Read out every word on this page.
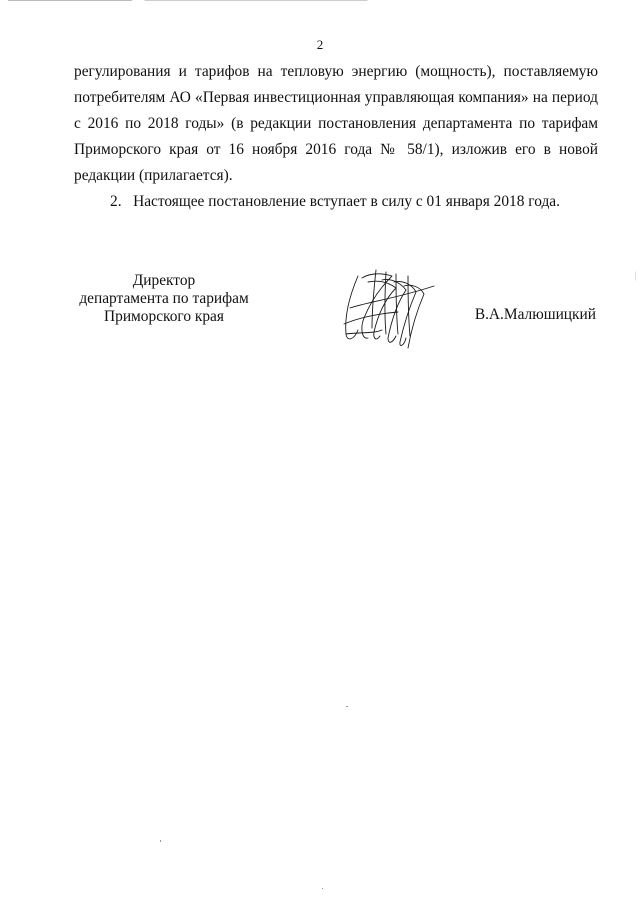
2
регулирования и тарифов на тепловую энергию (мощность), поставляемую
потребителям АО «Первая инвестиционная управляющая компания» на период
с 2016 по 2018 годы» (в редакции постановления департамента по тарифам
Приморского края от 16 ноября 2016 года № 58/1), изложив его в новой
редакции (прилагается).
2.   Настоящее постановление вступает в силу с 01 января 2018 года.
Директор
департамента по тарифам
Приморского края	В.А.Малюшицкий
